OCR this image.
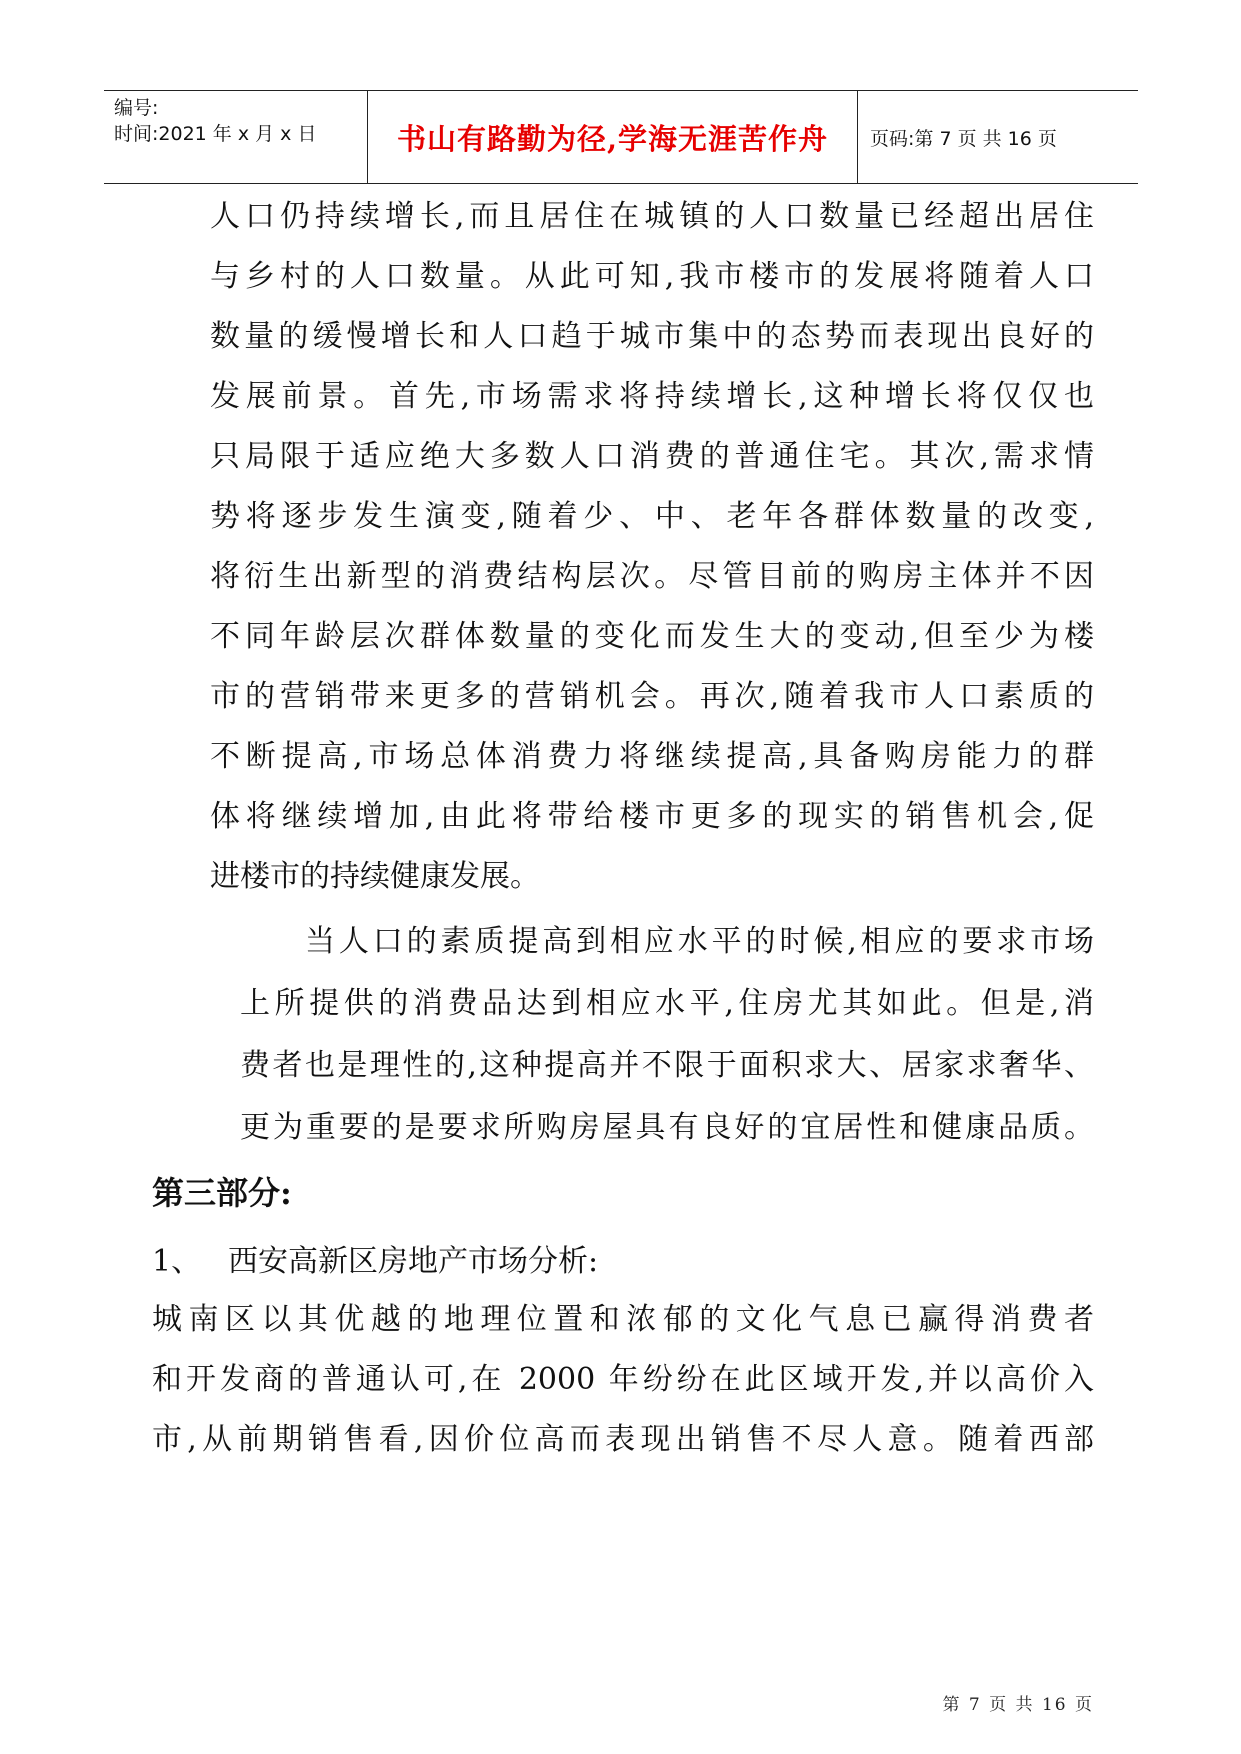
编号:
时间:2021 年 x 月 x 日	书山有路勤为径,学海无涯苦作舟	页码:第 7 页 共 16 页
人口仍持续增长,而且居住在城镇的人口数量已经超出居住
与乡村的人口数量。从此可知,我市楼市的发展将随着人口
数量的缓慢增长和人口趋于城市集中的态势而表现出良好的
发展前景。首先,市场需求将持续增长,这种增长将仅仅也
只局限于适应绝大多数人口消费的普通住宅。其次,需求情
势将逐步发生演变,随着少、中、老年各群体数量的改变,
将衍生出新型的消费结构层次。尽管目前的购房主体并不因
不同年龄层次群体数量的变化而发生大的变动,但至少为楼
市的营销带来更多的营销机会。再次,随着我市人口素质的
不断提高,市场总体消费力将继续提高,具备购房能力的群
体将继续增加,由此将带给楼市更多的现实的销售机会,促
进楼市的持续健康发展。
当人口的素质提高到相应水平的时候,相应的要求市场
上所提供的消费品达到相应水平,住房尤其如此。但是,消
费者也是理性的,这种提高并不限于面积求大、居家求奢华、
更为重要的是要求所购房屋具有良好的宜居性和健康品质。
第三部分:
1、 西安高新区房地产市场分析:
城南区以其优越的地理位置和浓郁的文化气息已赢得消费者
和开发商的普通认可,在 2000 年纷纷在此区域开发,并以高价入
市,从前期销售看,因价位高而表现出销售不尽人意。随着西部
第 7 页 共 16 页
